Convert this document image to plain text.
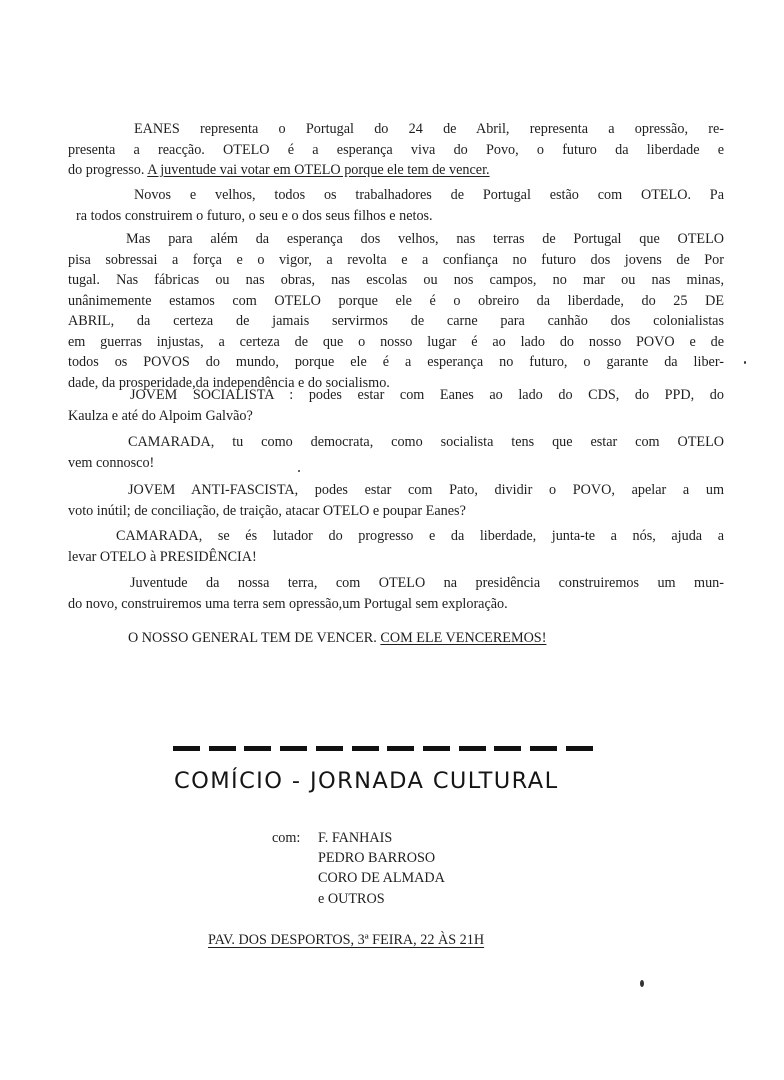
EANES representa o Portugal do 24 de Abril, representa a opressão, re-
presenta a reacção. OTELO é a esperança viva do Povo, o futuro da liberdade e
do progresso. A juventude vai votar em OTELO porque ele tem de vencer.
Novos e velhos, todos os trabalhadores de Portugal estão com OTELO. Pa
ra todos construirem o futuro, o seu e o dos seus filhos e netos.
Mas para além da esperança dos velhos, nas terras de Portugal que OTELO
pisa sobressai a força e o vigor, a revolta e a confiança no futuro dos jovens de Por
tugal. Nas fábricas ou nas obras, nas escolas ou nos campos, no mar ou nas minas,
unânimemente estamos com OTELO porque ele é o obreiro da liberdade, do 25 DE
ABRIL, da certeza de jamais servirmos de carne para canhão dos colonialistas
em guerras injustas, a certeza de que o nosso lugar é ao lado do nosso POVO e de
todos os POVOS do mundo, porque ele é a esperança no futuro, o garante da liber-
dade, da prosperidade,da independência e do socialismo.
JOVEM SOCIALISTA : podes estar com Eanes ao lado do CDS, do PPD, do
Kaulza e até do Alpoim Galvão?
CAMARADA, tu como democrata, como socialista tens que estar com OTELO
vem connosco!
JOVEM ANTI-FASCISTA, podes estar com Pato, dividir o POVO, apelar a um
voto inútil; de conciliação, de traição, atacar OTELO e poupar Eanes?
CAMARADA, se és lutador do progresso e da liberdade, junta-te a nós, ajuda a
levar OTELO à PRESIDÊNCIA!
Juventude da nossa terra, com OTELO na presidência construiremos um mun-
do novo, construiremos uma terra sem opressão,um Portugal sem exploração.
O NOSSO GENERAL TEM DE VENCER. COM ELE VENCEREMOS!
COMÍCIO - JORNADA CULTURAL
com: F. FANHAIS
PEDRO BARROSO
CORO DE ALMADA
e OUTROS
PAV. DOS DESPORTOS, 3ª FEIRA, 22 ÀS 21H
